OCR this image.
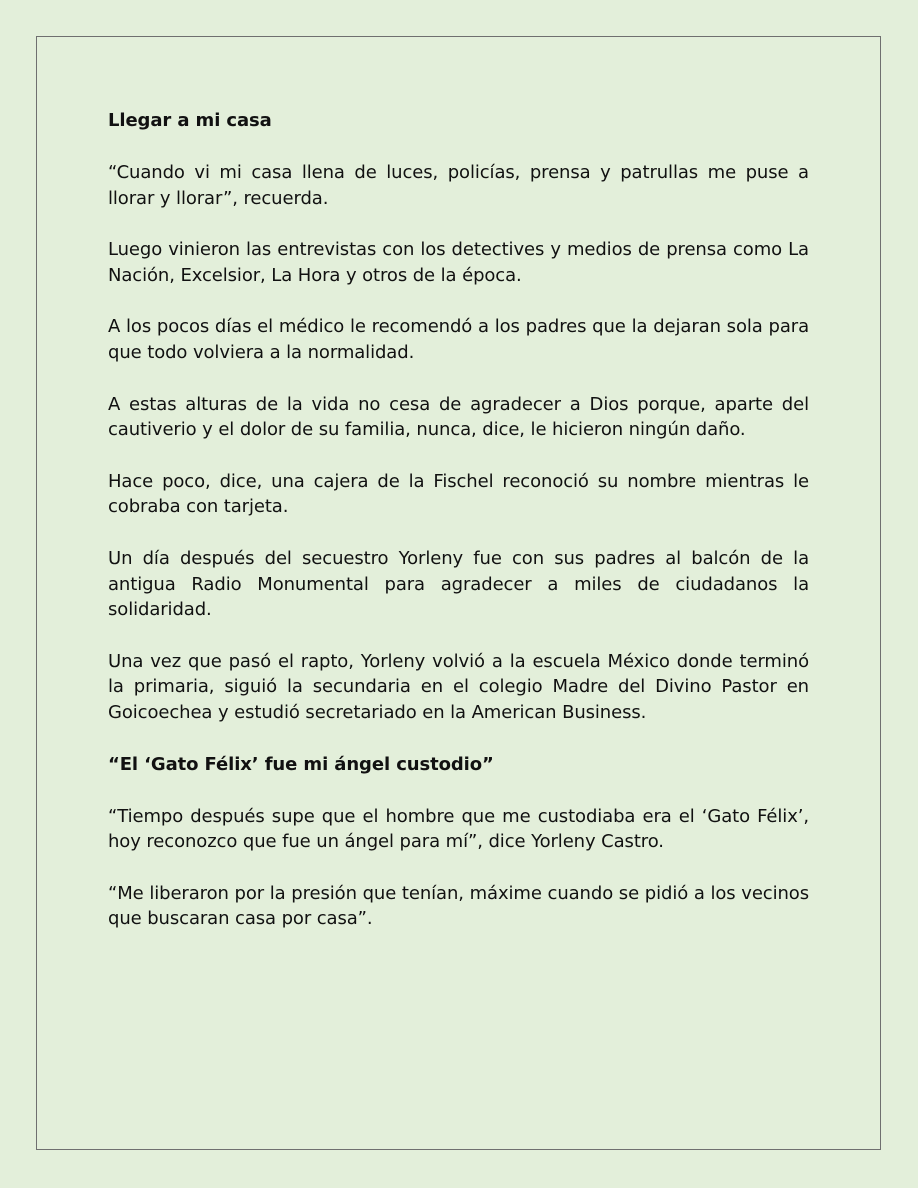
Llegar a mi casa

“Cuando vi mi casa llena de luces, policías, prensa y patrullas me puse a llorar y llorar”, recuerda.

Luego vinieron las entrevistas con los detectives y medios de prensa como La Nación, Excelsior, La Hora y otros de la época.

A los pocos días el médico le recomendó a los padres que la dejaran sola para que todo volviera a la normalidad.

A estas alturas de la vida no cesa de agradecer a Dios porque, aparte del cautiverio y el dolor de su familia, nunca, dice, le hicieron ningún daño.

Hace poco, dice, una cajera de la Fischel reconoció su nombre mientras le cobraba con tarjeta.

Un día después del secuestro Yorleny fue con sus padres al balcón de la antigua Radio Monumental para agradecer a miles de ciudadanos la solidaridad.

Una vez que pasó el rapto, Yorleny volvió a la escuela México donde terminó la primaria, siguió la secundaria en el colegio Madre del Divino Pastor en Goicoechea y estudió secretariado en la American Business.

“El ‘Gato Félix’ fue mi ángel custodio”

“Tiempo después supe que el hombre que me custodiaba era el ‘Gato Félix’, hoy reconozco que fue un ángel para mí”, dice Yorleny Castro.

“Me liberaron por la presión que tenían, máxime cuando se pidió a los vecinos que buscaran casa por casa”.
